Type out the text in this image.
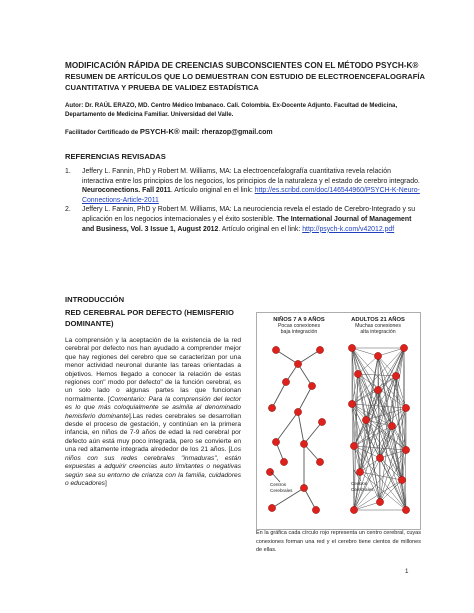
MODIFICACIÓN RÁPIDA DE CREENCIAS SUBCONSCIENTES CON EL MÉTODO PSYCH-K®
RESUMEN DE ARTÍCULOS QUE LO DEMUESTRAN CON ESTUDIO DE ELECTROENCEFALOGRAFÍA CUANTITATIVA Y PRUEBA DE VALIDEZ ESTADÍSTICA
Autor: Dr. RAÚL ERAZO, MD. Centro Médico Imbanaco. Cali. Colombia. Ex-Docente Adjunto. Facultad de Medicina, Departamento de Medicina Familiar. Universidad del Valle.
Facilitador Certificado de PSYCH-K® mail: rherazop@gmail.com
REFERENCIAS REVISADAS
1. Jeffery L. Fannin, PhD y Robert M. Williams, MA: La electroencefalografía cuantitativa revela relación interactiva entre los principios de los negocios, los principios de la naturaleza y el estado de cerebro integrado. Neuroconections. Fall 2011. Artículo original en el link: http://es.scribd.com/doc/146544960/PSYCH-K-Neuro-Connections-Article-2011
2. Jeffery L. Fannin, PhD y Robert M. Williams, MA: La neurociencia revela el estado de Cerebro-Integrado y su aplicación en los negocios internacionales y el éxito sostenible. The International Journal of Management and Business, Vol. 3 Issue 1, August 2012. Artículo original en el link: http://psych-k.com/v42012.pdf
INTRODUCCIÓN
RED CEREBRAL POR DEFECTO (HEMISFERIO DOMINANTE)
La comprensión y la aceptación de la existencia de la red cerebral por defecto nos han ayudado a comprender mejor que hay regiones del cerebro que se caracterizan por una menor actividad neuronal durante las tareas orientadas a objetivos. Hemos llegado a conocer la relación de estas regiones con" modo por defecto" de la función cerebral, es un solo lado o algunas partes las que funcionan normalmente. [Comentario: Para la comprensión del lector es lo que más coloquialmente se asimila al denominado hemisferio dominante].Las redes cerebrales se desarrollan desde el proceso de gestación, y continúan en la primera infancia, en niños de 7-9 años de edad la red cerebral por defecto aún está muy poco integrada, pero se convierte en una red altamente integrada alrededor de los 21 años. [Los niños con sus redes cerebrales "inmaduras", están expuestas a adquirir creencias auto limitantes o negativas según sea su entorno de crianza con la familia, cuidadores o educadores]
NIÑOS 7 A 9 AÑOS
Pocas conexiones
baja integración
ADULTOS 21 AÑOS
Muchas conexiones
alta integración
Centros
Cerebrales
Centros
Cerebrales
En la gráfica cada círculo rojo representa un centro cerebral, cuyas conexiones forman una red y el cerebro tiene cientos de millones de ellas.
1
